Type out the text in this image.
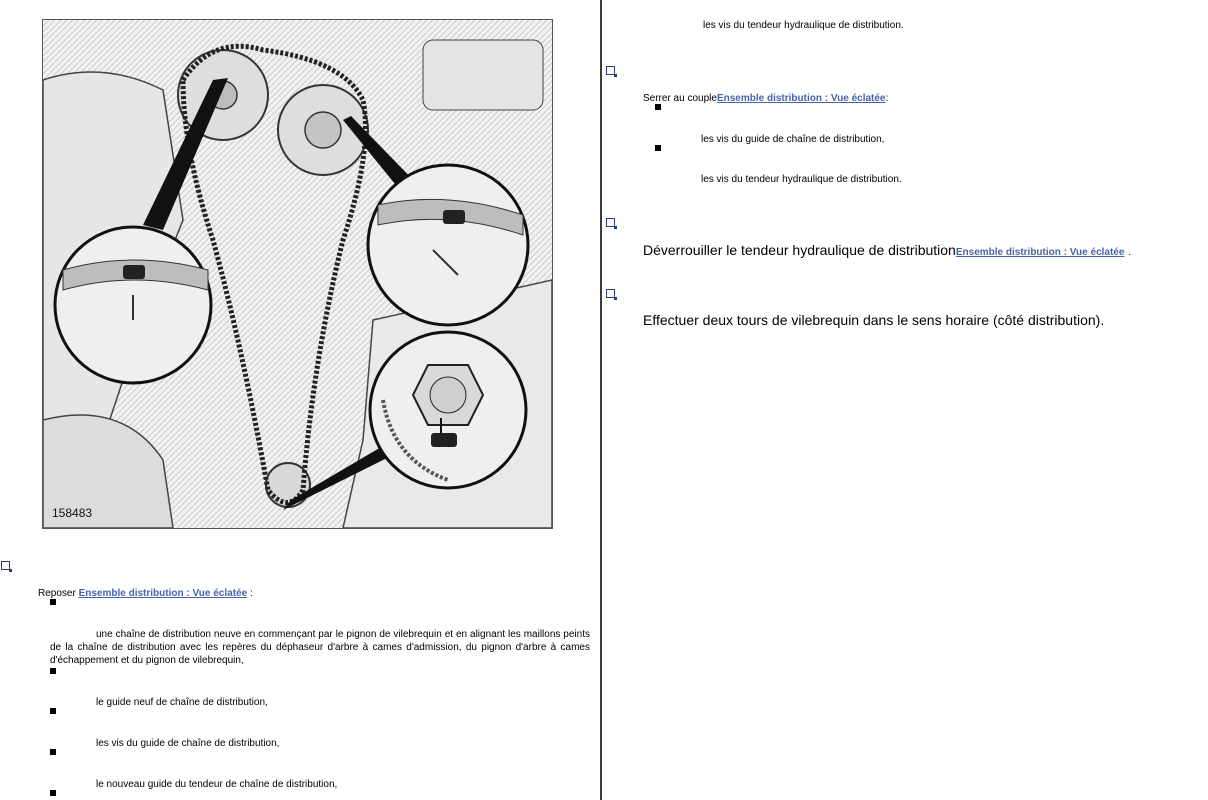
158483
Reposer Ensemble distribution : Vue éclatée :
une chaîne de distribution neuve en commençant par le pignon de vilebrequin et en alignant les maillons peints de la chaîne de distribution avec les repères du déphaseur d'arbre à cames d'admission, du pignon d'arbre à cames d'échappement et du pignon de vilebrequin,
le guide neuf de chaîne de distribution,
les vis du guide de chaîne de distribution,
le nouveau guide du tendeur de chaîne de distribution,
les vis du tendeur hydraulique de distribution.
Serrer au coupleEnsemble distribution : Vue éclatée:
les vis du guide de chaîne de distribution,
les vis du tendeur hydraulique de distribution.
Déverrouiller le tendeur hydraulique de distributionEnsemble distribution : Vue éclatée .
Effectuer deux tours de vilebrequin dans le sens horaire (côté distribution).
